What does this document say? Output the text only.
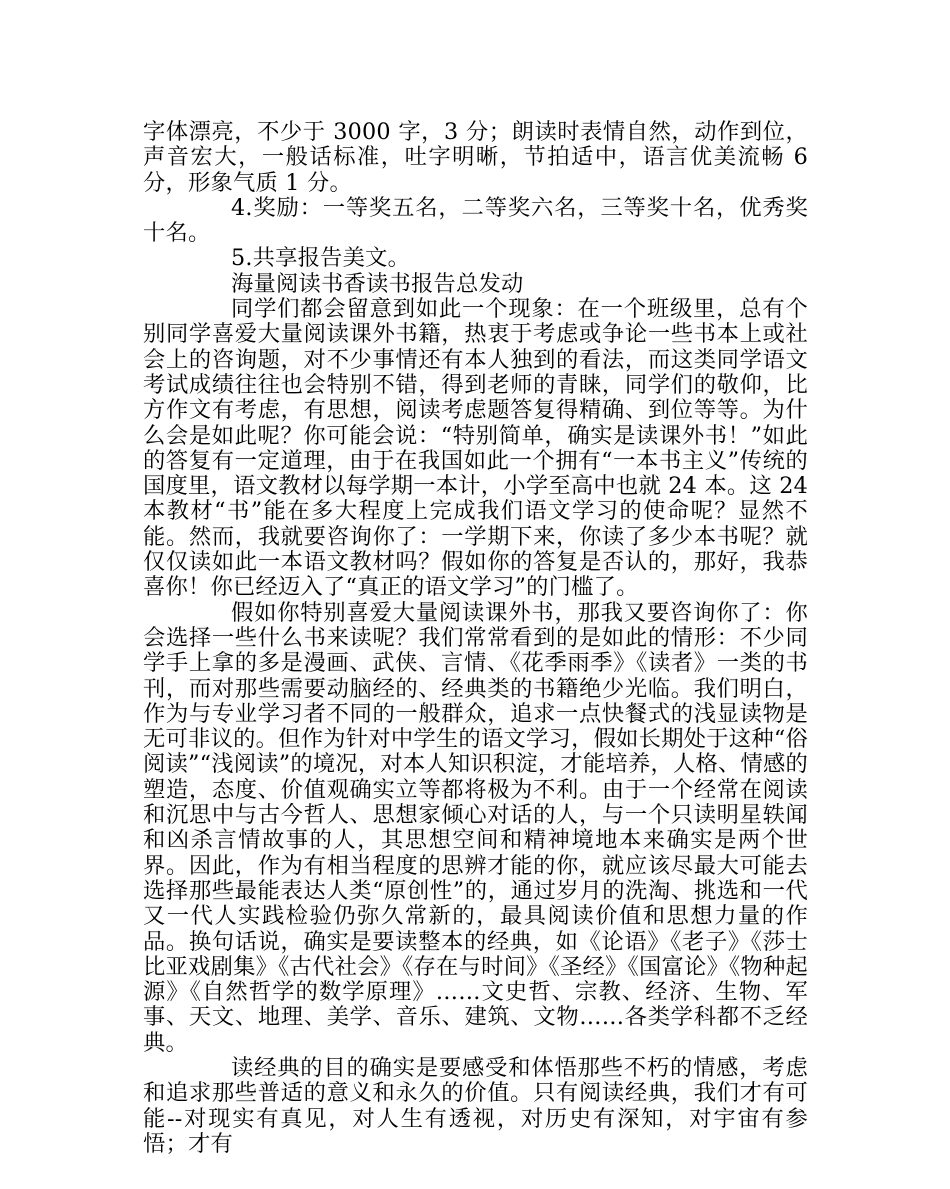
字体漂亮，不少于 3000 字，3 分；朗读时表情自然，动作到位，声音宏大，一般话标准，吐字明晰，节拍适中，语言优美流畅 6 分，形象气质 1 分。

4.奖励：一等奖五名，二等奖六名，三等奖十名，优秀奖十名。

5.共享报告美文。

海量阅读书香读书报告总发动

同学们都会留意到如此一个现象：在一个班级里，总有个别同学喜爱大量阅读课外书籍，热衷于考虑或争论一些书本上或社会上的咨询题，对不少事情还有本人独到的看法，而这类同学语文考试成绩往往也会特别不错，得到老师的青睐，同学们的敬仰，比方作文有考虑，有思想，阅读考虑题答复得精确、到位等等。为什么会是如此呢？你可能会说：“特别简单，确实是读课外书！”如此的答复有一定道理，由于在我国如此一个拥有“一本书主义”传统的国度里，语文教材以每学期一本计，小学至高中也就 24 本。这 24 本教材“书”能在多大程度上完成我们语文学习的使命呢？显然不能。然而，我就要咨询你了：一学期下来，你读了多少本书呢？就仅仅读如此一本语文教材吗？假如你的答复是否认的，那好，我恭喜你！你已经迈入了“真正的语文学习”的门槛了。

假如你特别喜爱大量阅读课外书，那我又要咨询你了：你会选择一些什么书来读呢？我们常常看到的是如此的情形：不少同学手上拿的多是漫画、武侠、言情、《花季雨季》《读者》一类的书刊，而对那些需要动脑经的、经典类的书籍绝少光临。我们明白，作为与专业学习者不同的一般群众，追求一点快餐式的浅显读物是无可非议的。但作为针对中学生的语文学习，假如长期处于这种“俗阅读”“浅阅读”的境况，对本人知识积淀，才能培养，人格、情感的塑造，态度、价值观确实立等都将极为不利。由于一个经常在阅读和沉思中与古今哲人、思想家倾心对话的人，与一个只读明星轶闻和凶杀言情故事的人，其思想空间和精神境地本来确实是两个世界。因此，作为有相当程度的思辨才能的你，就应该尽最大可能去选择那些最能表达人类“原创性”的，通过岁月的洗淘、挑选和一代又一代人实践检验仍弥久常新的，最具阅读价值和思想力量的作品。换句话说，确实是要读整本的经典，如《论语》《老子》《莎士比亚戏剧集》《古代社会》《存在与时间》《圣经》《国富论》《物种起源》《自然哲学的数学原理》……文史哲、宗教、经济、生物、军事、天文、地理、美学、音乐、建筑、文物……各类学科都不乏经典。

读经典的目的确实是要感受和体悟那些不朽的情感，考虑和追求那些普适的意义和永久的价值。只有阅读经典，我们才有可能--对现实有真见，对人生有透视，对历史有深知，对宇宙有参悟；才有
